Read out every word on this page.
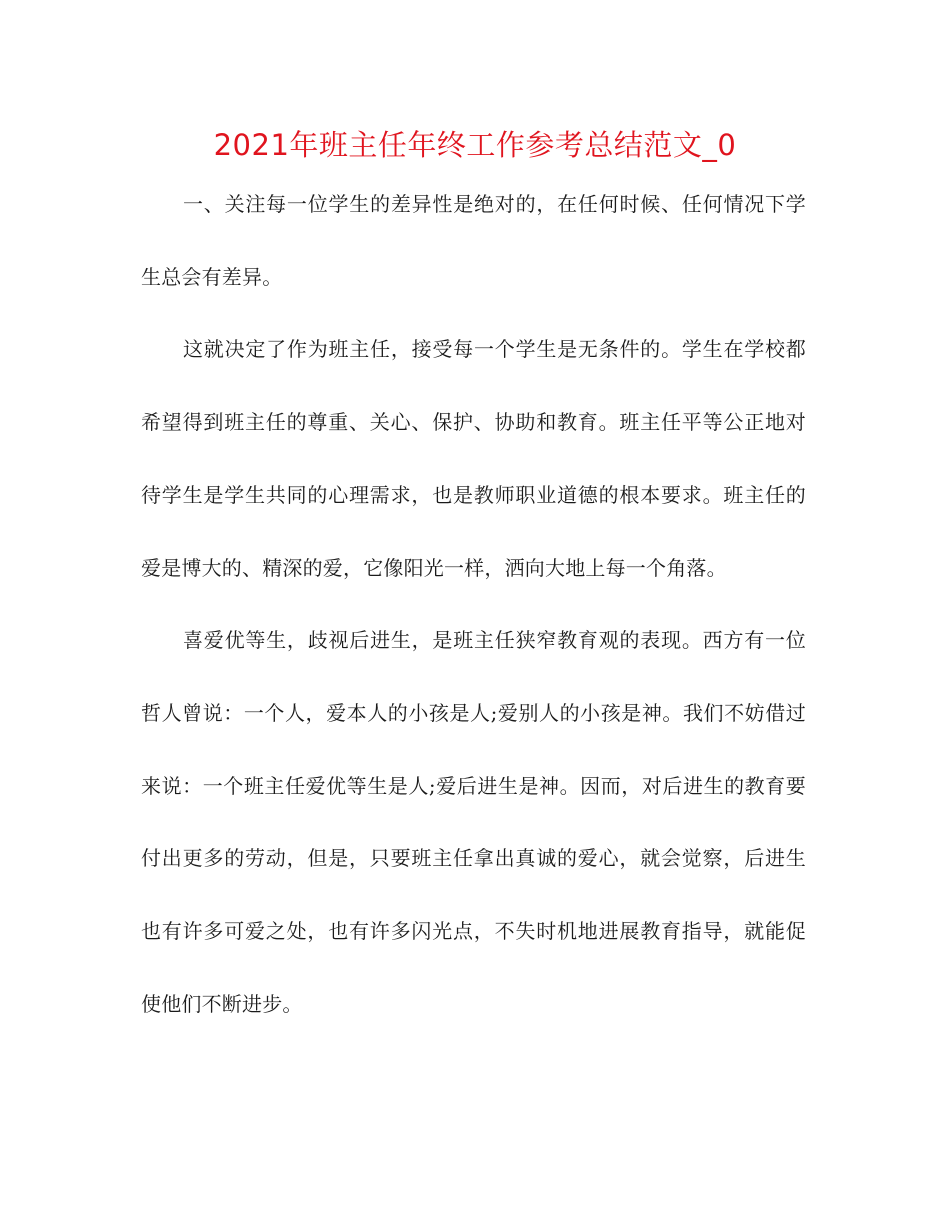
2021年班主任年终工作参考总结范文_0

一、关注每一位学生的差异性是绝对的，在任何时候、任何情况下学生总会有差异。

这就决定了作为班主任，接受每一个学生是无条件的。学生在学校都希望得到班主任的尊重、关心、保护、协助和教育。班主任平等公正地对待学生是学生共同的心理需求，也是教师职业道德的根本要求。班主任的爱是博大的、精深的爱，它像阳光一样，洒向大地上每一个角落。

喜爱优等生，歧视后进生，是班主任狭窄教育观的表现。西方有一位哲人曾说：一个人，爱本人的小孩是人;爱别人的小孩是神。我们不妨借过来说：一个班主任爱优等生是人;爱后进生是神。因而，对后进生的教育要付出更多的劳动，但是，只要班主任拿出真诚的爱心，就会觉察，后进生也有许多可爱之处，也有许多闪光点，不失时机地进展教育指导，就能促使他们不断进步。
